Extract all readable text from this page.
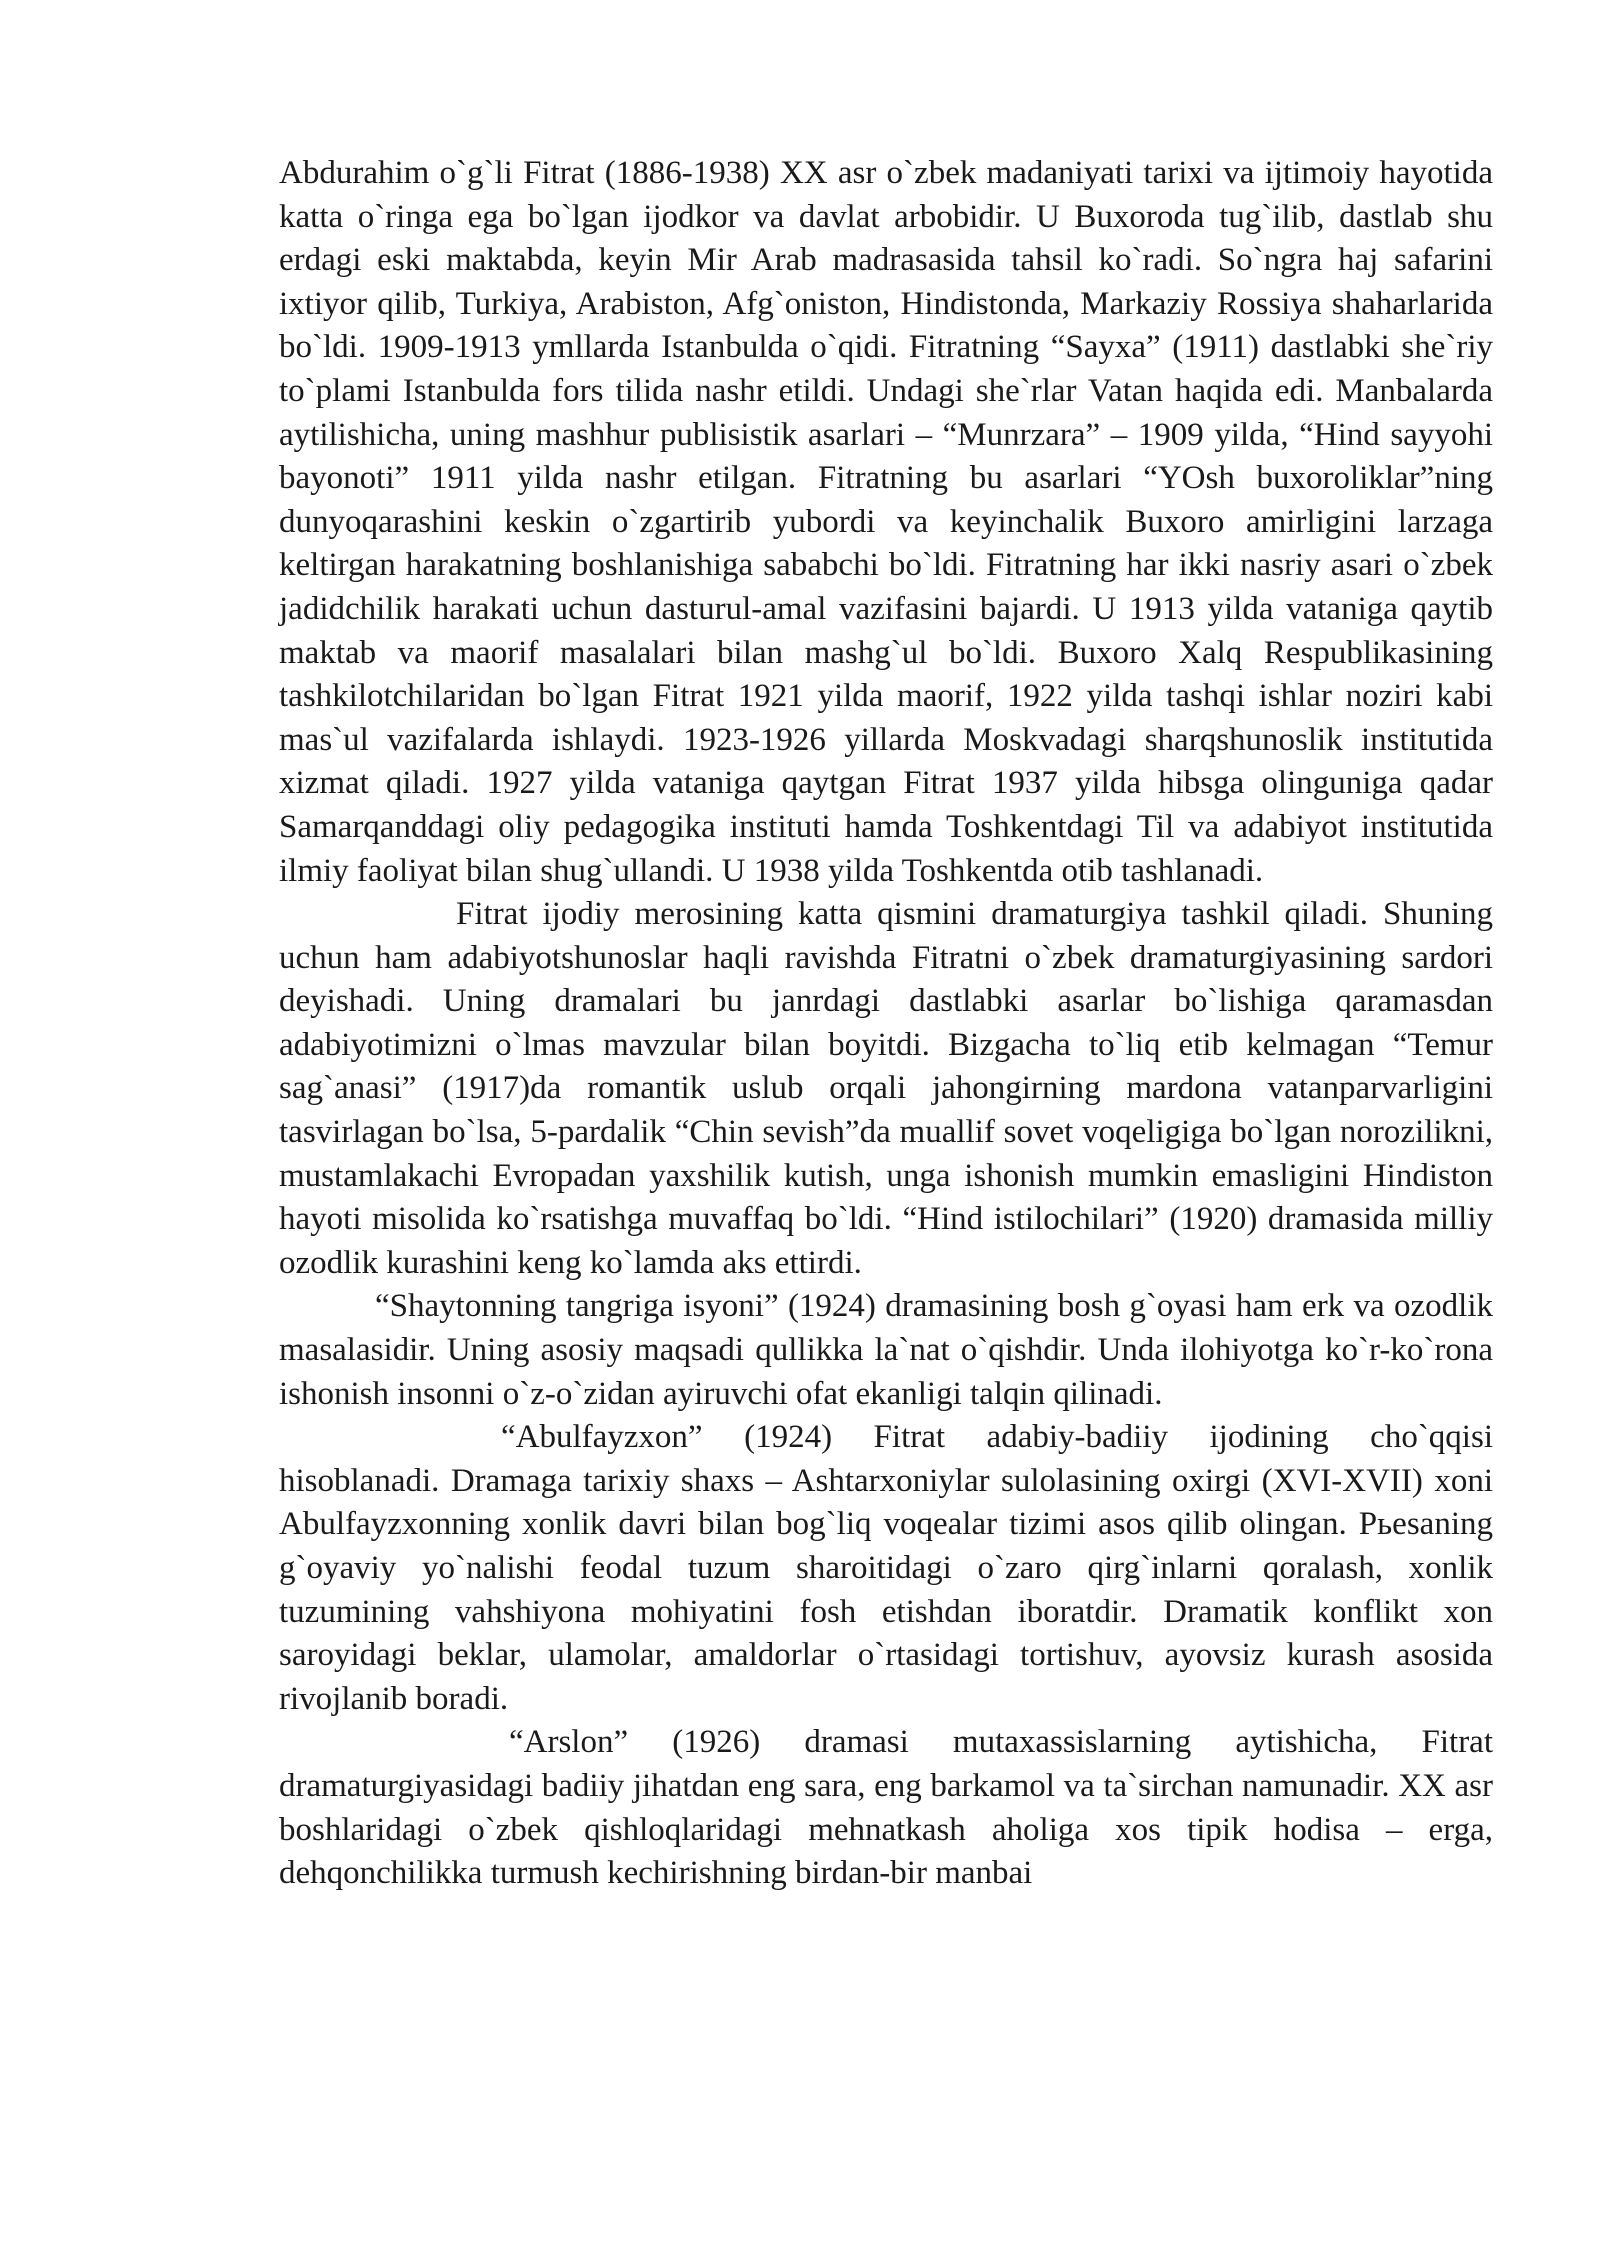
Abdurahim o`g`li Fitrat (1886-1938) XX asr o`zbek madaniyati tarixi va ijtimoiy hayotida katta o`ringa ega bo`lgan ijodkor va davlat arbobidir. U Buxoroda tug`ilib, dastlab shu erdagi eski maktabda, keyin Mir Arab madrasasida tahsil ko`radi. So`ngra haj safarini ixtiyor qilib, Turkiya, Arabiston, Afg`oniston, Hindistonda, Markaziy Rossiya shaharlarida bo`ldi. 1909-1913 ymllarda Istanbulda o`qidi. Fitratning “Sayxa” (1911) dastlabki she`riy to`plami Istanbulda fors tilida nashr etildi. Undagi she`rlar Vatan haqida edi. Manbalarda aytilishicha, uning mashhur publisistik asarlari – “Munrzara” – 1909 yilda, “Hind sayyohi bayonoti” 1911 yilda nashr etilgan. Fitratning bu asarlari “YOsh buxoroliklar”ning dunyoqarashini keskin o`zgartirib yubordi va keyinchalik Buxoro amirligini larzaga keltirgan harakatning boshlanishiga sababchi bo`ldi. Fitratning har ikki nasriy asari o`zbek jadidchilik harakati uchun dasturul-amal vazifasini bajardi. U 1913 yilda vataniga qaytib maktab va maorif masalalari bilan mashg`ul bo`ldi. Buxoro Xalq Respublikasining tashkilotchilaridan bo`lgan Fitrat 1921 yilda maorif, 1922 yilda tashqi ishlar noziri kabi mas`ul vazifalarda ishlaydi. 1923-1926 yillarda Moskvadagi sharqshunoslik institutida xizmat qiladi. 1927 yilda vataniga qaytgan Fitrat 1937 yilda hibsga olinguniga qadar Samarqanddagi oliy pedagogika instituti hamda Toshkentdagi Til va adabiyot institutida ilmiy faoliyat bilan shug`ullandi. U 1938 yilda Toshkentda otib tashlanadi.

Fitrat ijodiy merosining katta qismini dramaturgiya tashkil qiladi. Shuning uchun ham adabiyotshunoslar haqli ravishda Fitratni o`zbek dramaturgiyasining sardori deyishadi. Uning dramalari bu janrdagi dastlabki asarlar bo`lishiga qaramasdan adabiyotimizni o`lmas mavzular bilan boyitdi. Bizgacha to`liq etib kelmagan “Temur sag`anasi” (1917)da romantik uslub orqali jahongirning mardona vatanparvarligini tasvirlagan bo`lsa, 5-pardalik “Chin sevish”da muallif sovet voqeligiga bo`lgan norozilikni, mustamlakachi Evropadan yaxshilik kutish, unga ishonish mumkin emasligini Hindiston hayoti misolida ko`rsatishga muvaffaq bo`ldi. “Hind istilochilari” (1920) dramasida milliy ozodlik kurashini keng ko`lamda aks ettirdi.

“Shaytonning tangriga isyoni” (1924) dramasining bosh g`oyasi ham erk va ozodlik masalasidir. Uning asosiy maqsadi qullikka la`nat o`qishdir. Unda ilohiyotga ko`r-ko`rona ishonish insonni o`z-o`zidan ayiruvchi ofat ekanligi talqin qilinadi.

“Abulfayzxon” (1924) Fitrat adabiy-badiiy ijodining cho`qqisi hisoblanadi. Dramaga tarixiy shaxs – Ashtarxoniylar sulolasining oxirgi (XVI-XVII) xoni Abulfayzxonning xonlik davri bilan bog`liq voqealar tizimi asos qilib olingan. Pьesaning g`oyaviy yo`nalishi feodal tuzum sharoitidagi o`zaro qirg`inlarni qoralash, xonlik tuzumining vahshiyona mohiyatini fosh etishdan iboratdir. Dramatik konflikt xon saroyidagi beklar, ulamolar, amaldorlar o`rtasidagi tortishuv, ayovsiz kurash asosida rivojlanib boradi.

“Arslon” (1926) dramasi mutaxassislarning aytishicha, Fitrat dramaturgiyasidagi badiiy jihatdan eng sara, eng barkamol va ta`sirchan namunadir. XX asr boshlaridagi o`zbek qishloqlaridagi mehnatkash aholiga xos tipik hodisa – erga, dehqonchilikka turmush kechirishning birdan-bir manbai
